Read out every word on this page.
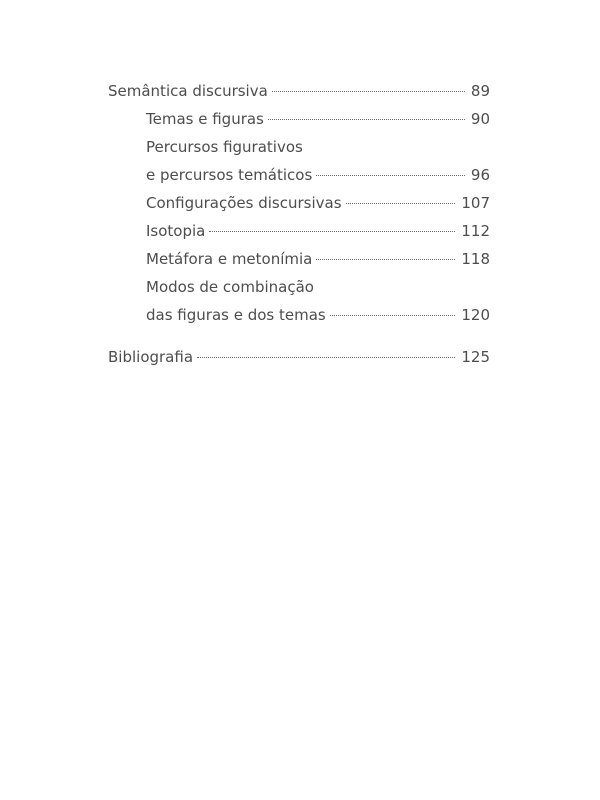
Semântica discursiva	89
Temas e figuras	90
Percursos figurativos
e percursos temáticos	96
Configurações discursivas	107
Isotopia	112
Metáfora e metonímia	118
Modos de combinação
das figuras e dos temas	120
Bibliografia	125
